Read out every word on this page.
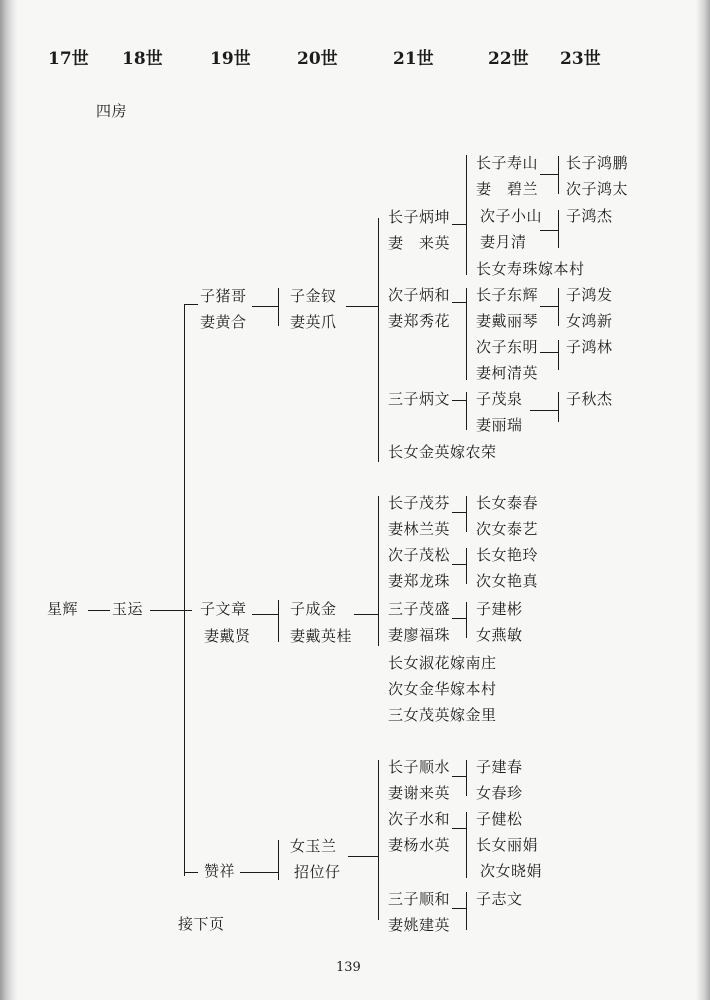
17世 18世	19世	20世	21世	22世 23世
四房
星辉 玉运
子猪哥
妻黄合
子金钗
妻英爪
长子炳坤
妻　来英
长子寿山
妻　碧兰
长子鸿鹏
次子鸿太
次子小山
妻月清
子鸿杰
长女寿珠嫁本村
次子炳和
妻郑秀花
长子东辉
妻戴丽琴
子鸿发
女鸿新
次子东明
妻柯清英
子鸿林
三子炳文 子茂泉
妻丽瑞
子秋杰
长女金英嫁农荣
子文章
妻戴贤
子成金
妻戴英桂
长子茂芬
妻林兰英
长女泰春
次女泰艺
次子茂松
妻郑龙珠
长女艳玲
次女艳真
三子茂盛
妻廖福珠
子建彬
女燕敏
长女淑花嫁南庄
次女金华嫁本村
三女茂英嫁金里
赞祥
女玉兰
招位仔
长子顺水
妻谢来英
子建春
女春珍
次子水和
妻杨水英
子健松
长女丽娟
次女晓娟
三子顺和
妻姚建英
子志文
接下页
139
